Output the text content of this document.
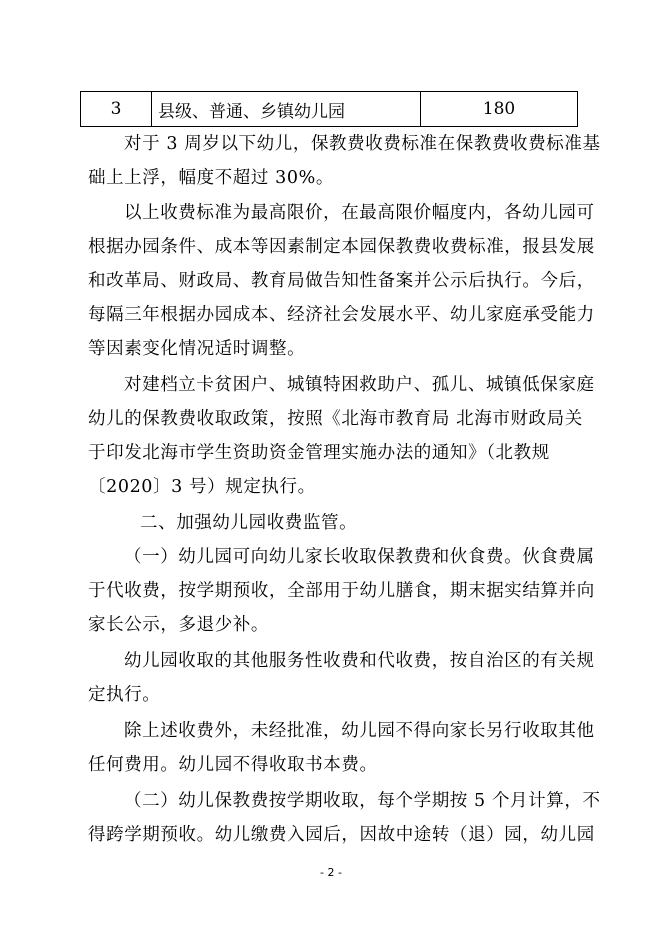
3	县级、普通、乡镇幼儿园	180
对于 3 周岁以下幼儿，保教费收费标准在保教费收费标准基
础上上浮，幅度不超过 30%。
以上收费标准为最高限价，在最高限价幅度内，各幼儿园可
根据办园条件、成本等因素制定本园保教费收费标准，报县发展
和改革局、财政局、教育局做告知性备案并公示后执行。今后，
每隔三年根据办园成本、经济社会发展水平、幼儿家庭承受能力
等因素变化情况适时调整。
对建档立卡贫困户、城镇特困救助户、孤儿、城镇低保家庭
幼儿的保教费收取政策，按照《北海市教育局 北海市财政局关
于印发北海市学生资助资金管理实施办法的通知》（北教规
〔2020〕3 号）规定执行。
二、加强幼儿园收费监管。
（一）幼儿园可向幼儿家长收取保教费和伙食费。伙食费属
于代收费，按学期预收，全部用于幼儿膳食，期末据实结算并向
家长公示，多退少补。
幼儿园收取的其他服务性收费和代收费，按自治区的有关规
定执行。
除上述收费外，未经批准，幼儿园不得向家长另行收取其他
任何费用。幼儿园不得收取书本费。
（二）幼儿保教费按学期收取，每个学期按 5 个月计算，不
得跨学期预收。幼儿缴费入园后，因故中途转（退）园，幼儿园
- 2 -
